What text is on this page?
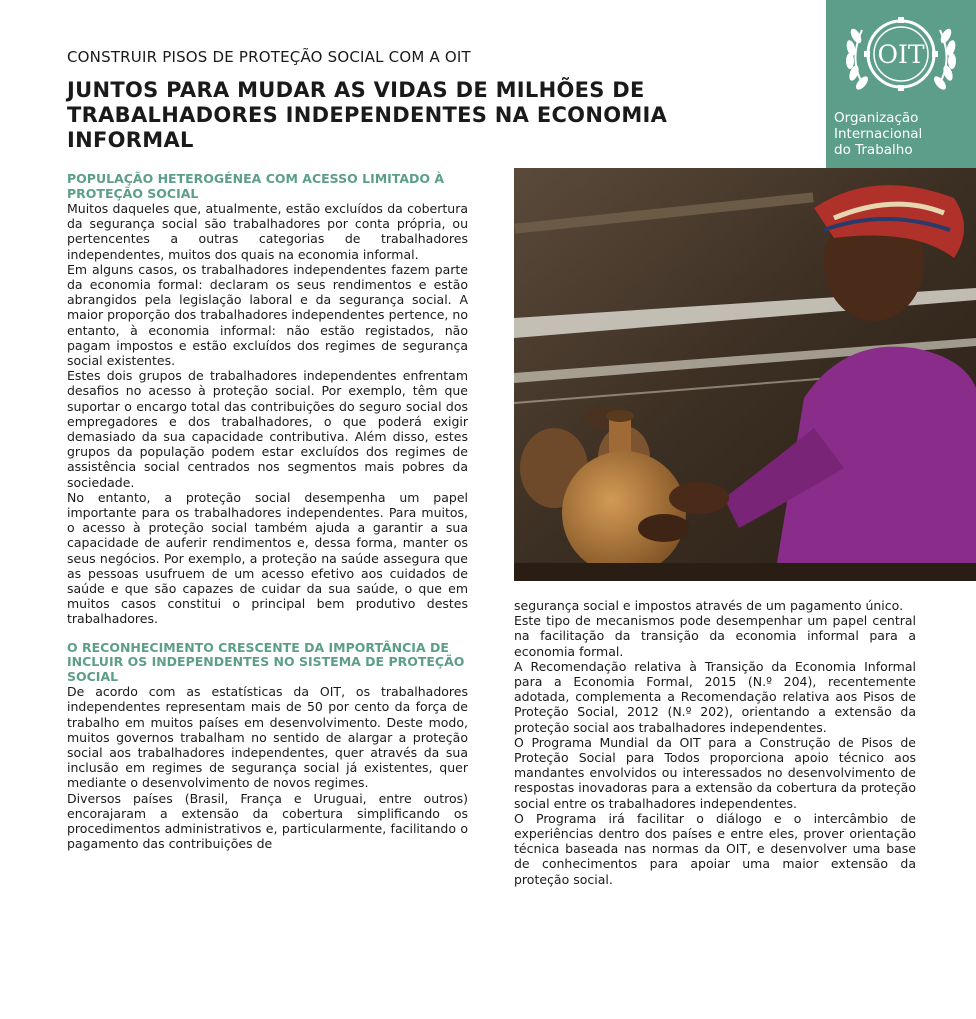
CONSTRUIR PISOS DE PROTEÇÃO SOCIAL COM A OIT
JUNTOS PARA MUDAR AS VIDAS DE MILHÕES DE TRABALHADORES INDEPENDENTES NA ECONOMIA INFORMAL
OIT
Organização
Internacional
do Trabalho
POPULAÇÃO HETEROGÉNEA COM ACESSO LIMITADO À PROTEÇÃO SOCIAL

Muitos daqueles que, atualmente, estão excluídos da cobertura da segurança social são trabalhadores por conta própria, ou pertencentes a outras categorias de trabalhadores independentes, muitos dos quais na economia informal.

Em alguns casos, os trabalhadores independentes fazem parte da economia formal: declaram os seus rendimentos e estão abrangidos pela legislação laboral e da segurança social. A maior proporção dos trabalhadores independentes pertence, no entanto, à economia informal: não estão registados, não pagam impostos e estão excluídos dos regimes de segurança social existentes.

Estes dois grupos de trabalhadores independentes enfrentam desafios no acesso à proteção social. Por exemplo, têm que suportar o encargo total das contribuições do seguro social dos empregadores e dos trabalhadores, o que poderá exigir demasiado da sua capacidade contributiva. Além disso, estes grupos da população podem estar excluídos dos regimes de assistência social centrados nos segmentos mais pobres da sociedade.

No entanto, a proteção social desempenha um papel importante para os trabalhadores independentes. Para muitos, o acesso à proteção social também ajuda a garantir a sua capacidade de auferir rendimentos e, dessa forma, manter os seus negócios. Por exemplo, a proteção na saúde assegura que as pessoas usufruem de um acesso efetivo aos cuidados de saúde e que são capazes de cuidar da sua saúde, o que em muitos casos constitui o principal bem produtivo destes trabalhadores.

O RECONHECIMENTO CRESCENTE DA IMPORTÂNCIA DE INCLUIR OS INDEPENDENTES NO SISTEMA DE PROTEÇÃO SOCIAL

De acordo com as estatísticas da OIT, os trabalhadores independentes representam mais de 50 por cento da força de trabalho em muitos países em desenvolvimento. Deste modo, muitos governos trabalham no sentido de alargar a proteção social aos trabalhadores independentes, quer através da sua inclusão em regimes de segurança social já existentes, quer mediante o desenvolvimento de novos regimes.

Diversos países (Brasil, França e Uruguai, entre outros) encorajaram a extensão da cobertura simplificando os procedimentos administrativos e, particularmente, facilitando o pagamento das contribuições de

segurança social e impostos através de um pagamento único.

Este tipo de mecanismos pode desempenhar um papel central na facilitação da transição da economia informal para a economia formal.

A Recomendação relativa à Transição da Economia Informal para a Economia Formal, 2015 (N.º 204), recentemente adotada, complementa a Recomendação relativa aos Pisos de Proteção Social, 2012 (N.º 202), orientando a extensão da proteção social aos trabalhadores independentes.

O Programa Mundial da OIT para a Construção de Pisos de Proteção Social para Todos proporciona apoio técnico aos mandantes envolvidos ou interessados no desenvolvimento de respostas inovadoras para a extensão da cobertura da proteção social entre os trabalhadores independentes.

O Programa irá facilitar o diálogo e o intercâmbio de experiências dentro dos países e entre eles, prover orientação técnica baseada nas normas da OIT, e desenvolver uma base de conhecimentos para apoiar uma maior extensão da proteção social.
